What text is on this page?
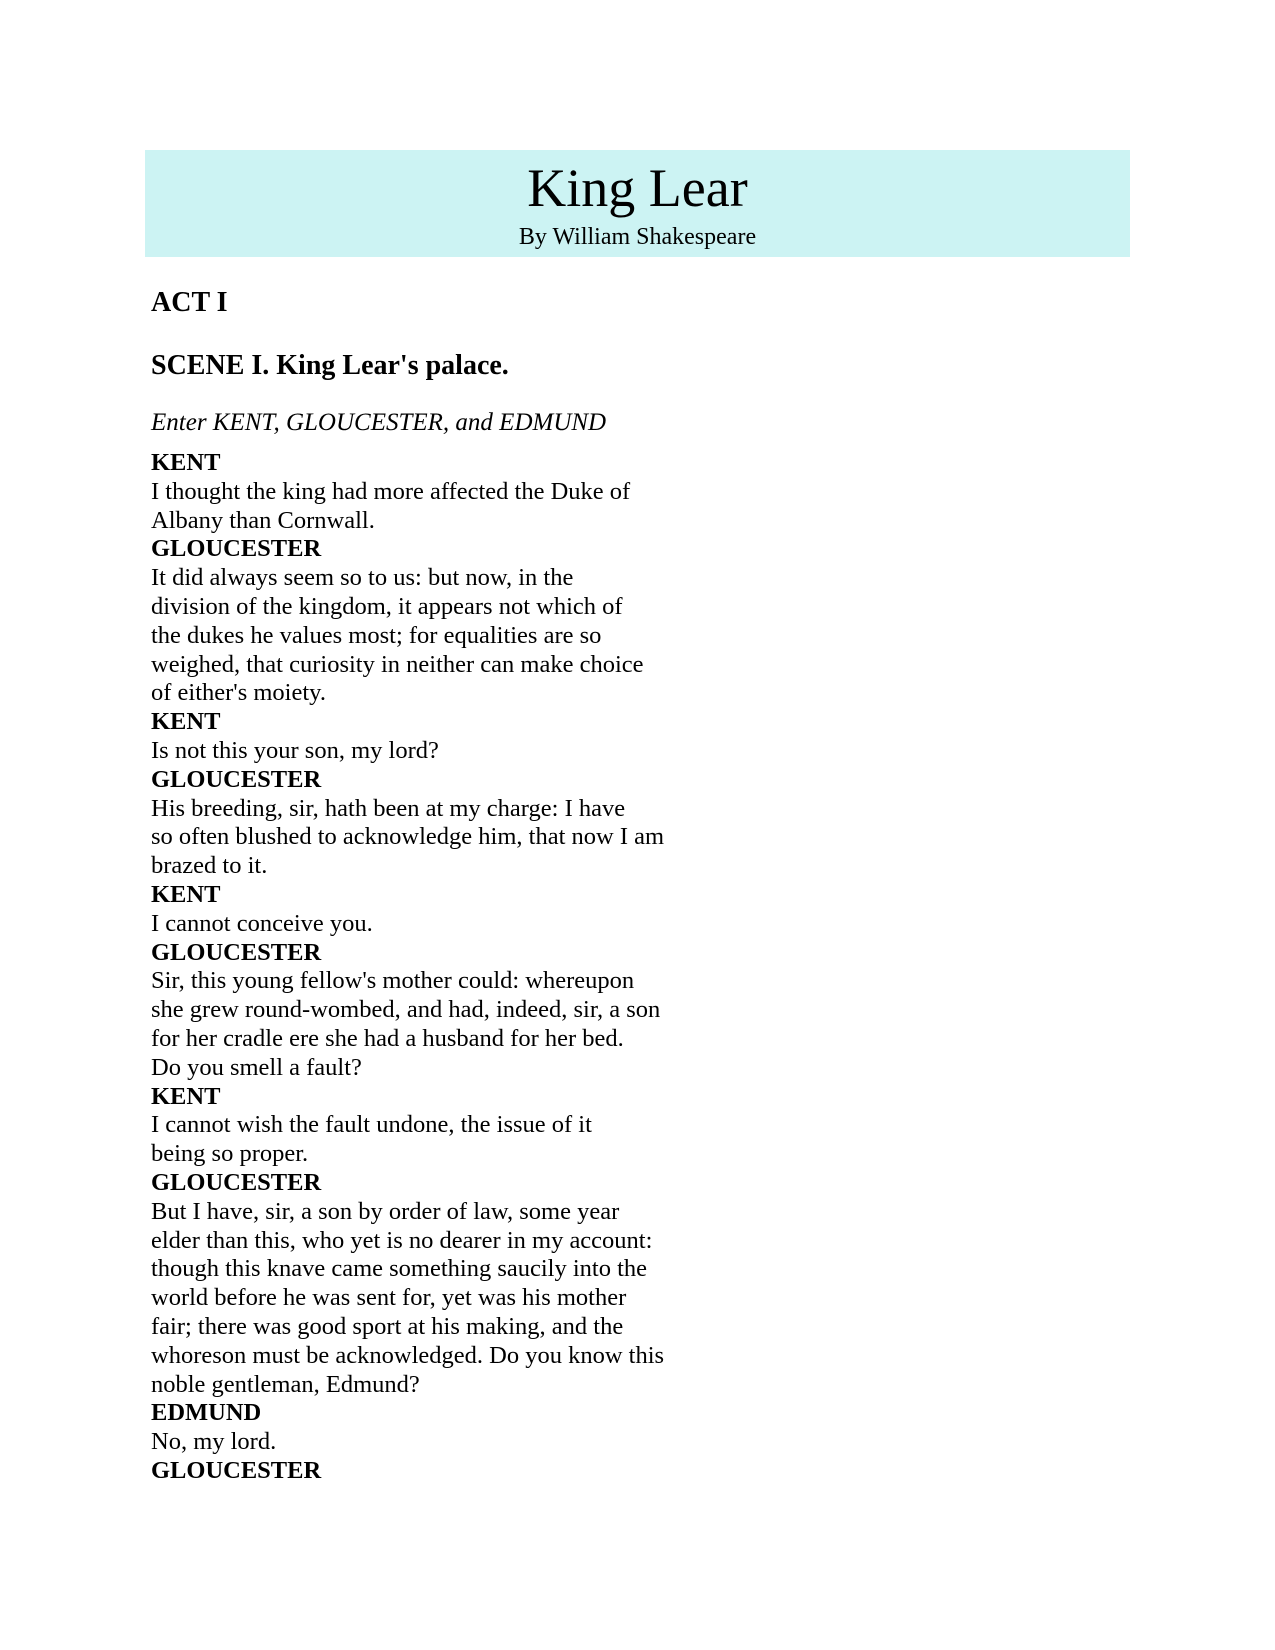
King Lear
By William Shakespeare
ACT I
SCENE I. King Lear's palace.
Enter KENT, GLOUCESTER, and EDMUND
KENT
I thought the king had more affected the Duke of
Albany than Cornwall.
GLOUCESTER
It did always seem so to us: but now, in the
division of the kingdom, it appears not which of
the dukes he values most; for equalities are so
weighed, that curiosity in neither can make choice
of either's moiety.
KENT
Is not this your son, my lord?
GLOUCESTER
His breeding, sir, hath been at my charge: I have
so often blushed to acknowledge him, that now I am
brazed to it.
KENT
I cannot conceive you.
GLOUCESTER
Sir, this young fellow's mother could: whereupon
she grew round-wombed, and had, indeed, sir, a son
for her cradle ere she had a husband for her bed.
Do you smell a fault?
KENT
I cannot wish the fault undone, the issue of it
being so proper.
GLOUCESTER
But I have, sir, a son by order of law, some year
elder than this, who yet is no dearer in my account:
though this knave came something saucily into the
world before he was sent for, yet was his mother
fair; there was good sport at his making, and the
whoreson must be acknowledged. Do you know this
noble gentleman, Edmund?
EDMUND
No, my lord.
GLOUCESTER
